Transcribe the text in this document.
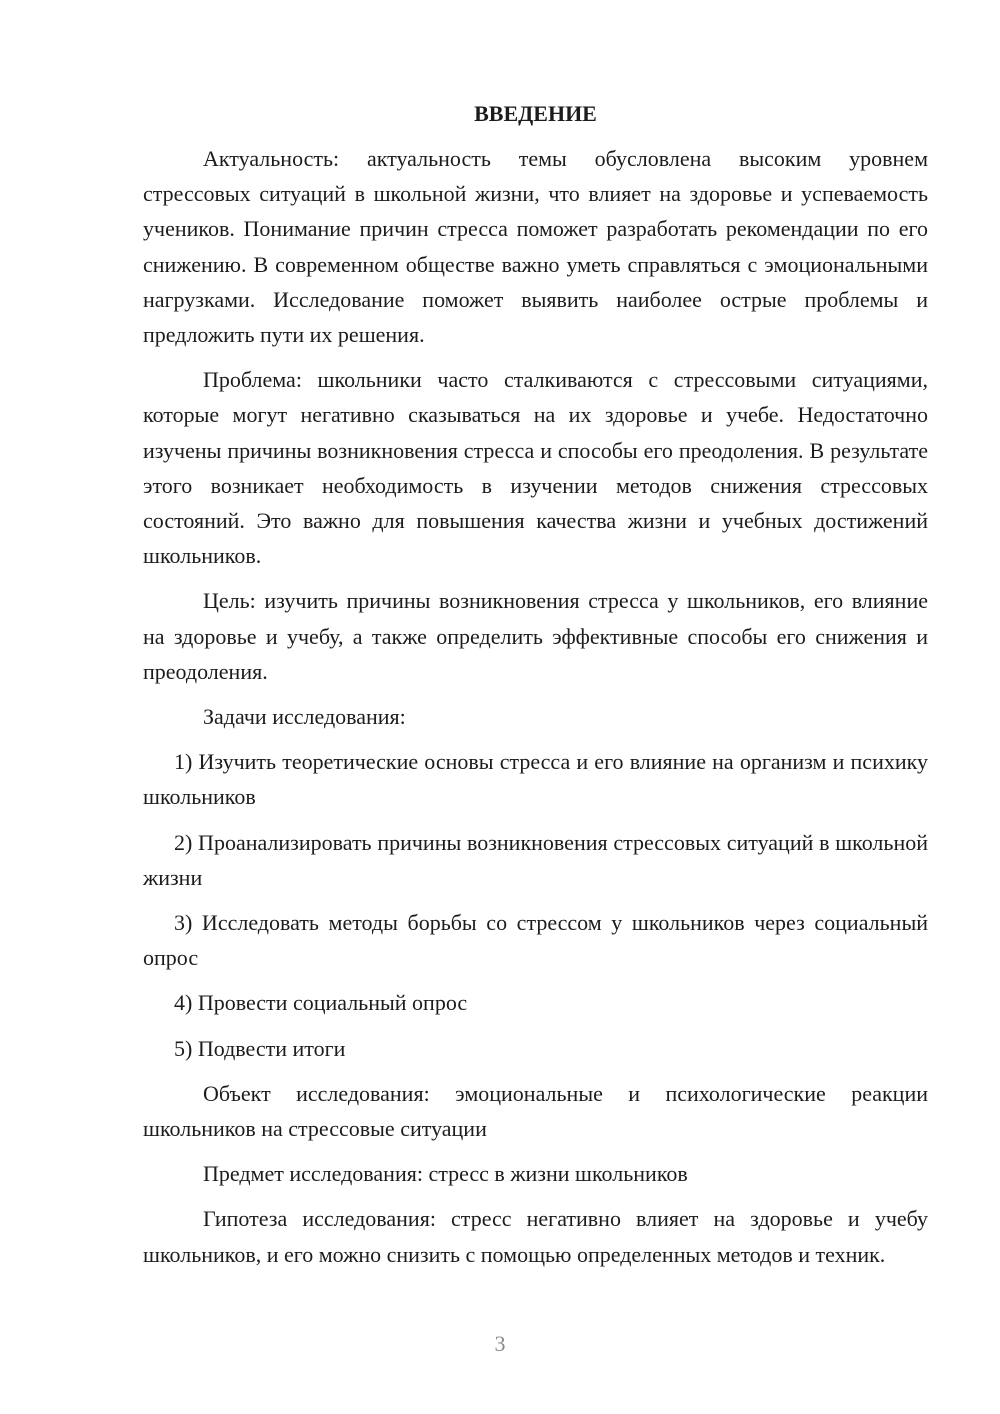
ВВЕДЕНИЕ

Актуальность: актуальность темы обусловлена высоким уровнем стрессовых ситуаций в школьной жизни, что влияет на здоровье и успеваемость учеников. Понимание причин стресса поможет разработать рекомендации по его снижению. В современном обществе важно уметь справляться с эмоциональными нагрузками. Исследование поможет выявить наиболее острые проблемы и предложить пути их решения.

Проблема: школьники часто сталкиваются с стрессовыми ситуациями, которые могут негативно сказываться на их здоровье и учебе. Недостаточно изучены причины возникновения стресса и способы его преодоления. В результате этого возникает необходимость в изучении методов снижения стрессовых состояний. Это важно для повышения качества жизни и учебных достижений школьников.

Цель: изучить причины возникновения стресса у школьников, его влияние на здоровье и учебу, а также определить эффективные способы его снижения и преодоления.

Задачи исследования:

1) Изучить теоретические основы стресса и его влияние на организм и психику школьников

2) Проанализировать причины возникновения стрессовых ситуаций в школьной жизни

3) Исследовать методы борьбы со стрессом у школьников через социальный опрос

4) Провести социальный опрос

5) Подвести итоги

Объект исследования: эмоциональные и психологические реакции школьников на стрессовые ситуации

Предмет исследования: стресс в жизни школьников

Гипотеза исследования: стресс негативно влияет на здоровье и учебу школьников, и его можно снизить с помощью определенных методов и техник.

3
